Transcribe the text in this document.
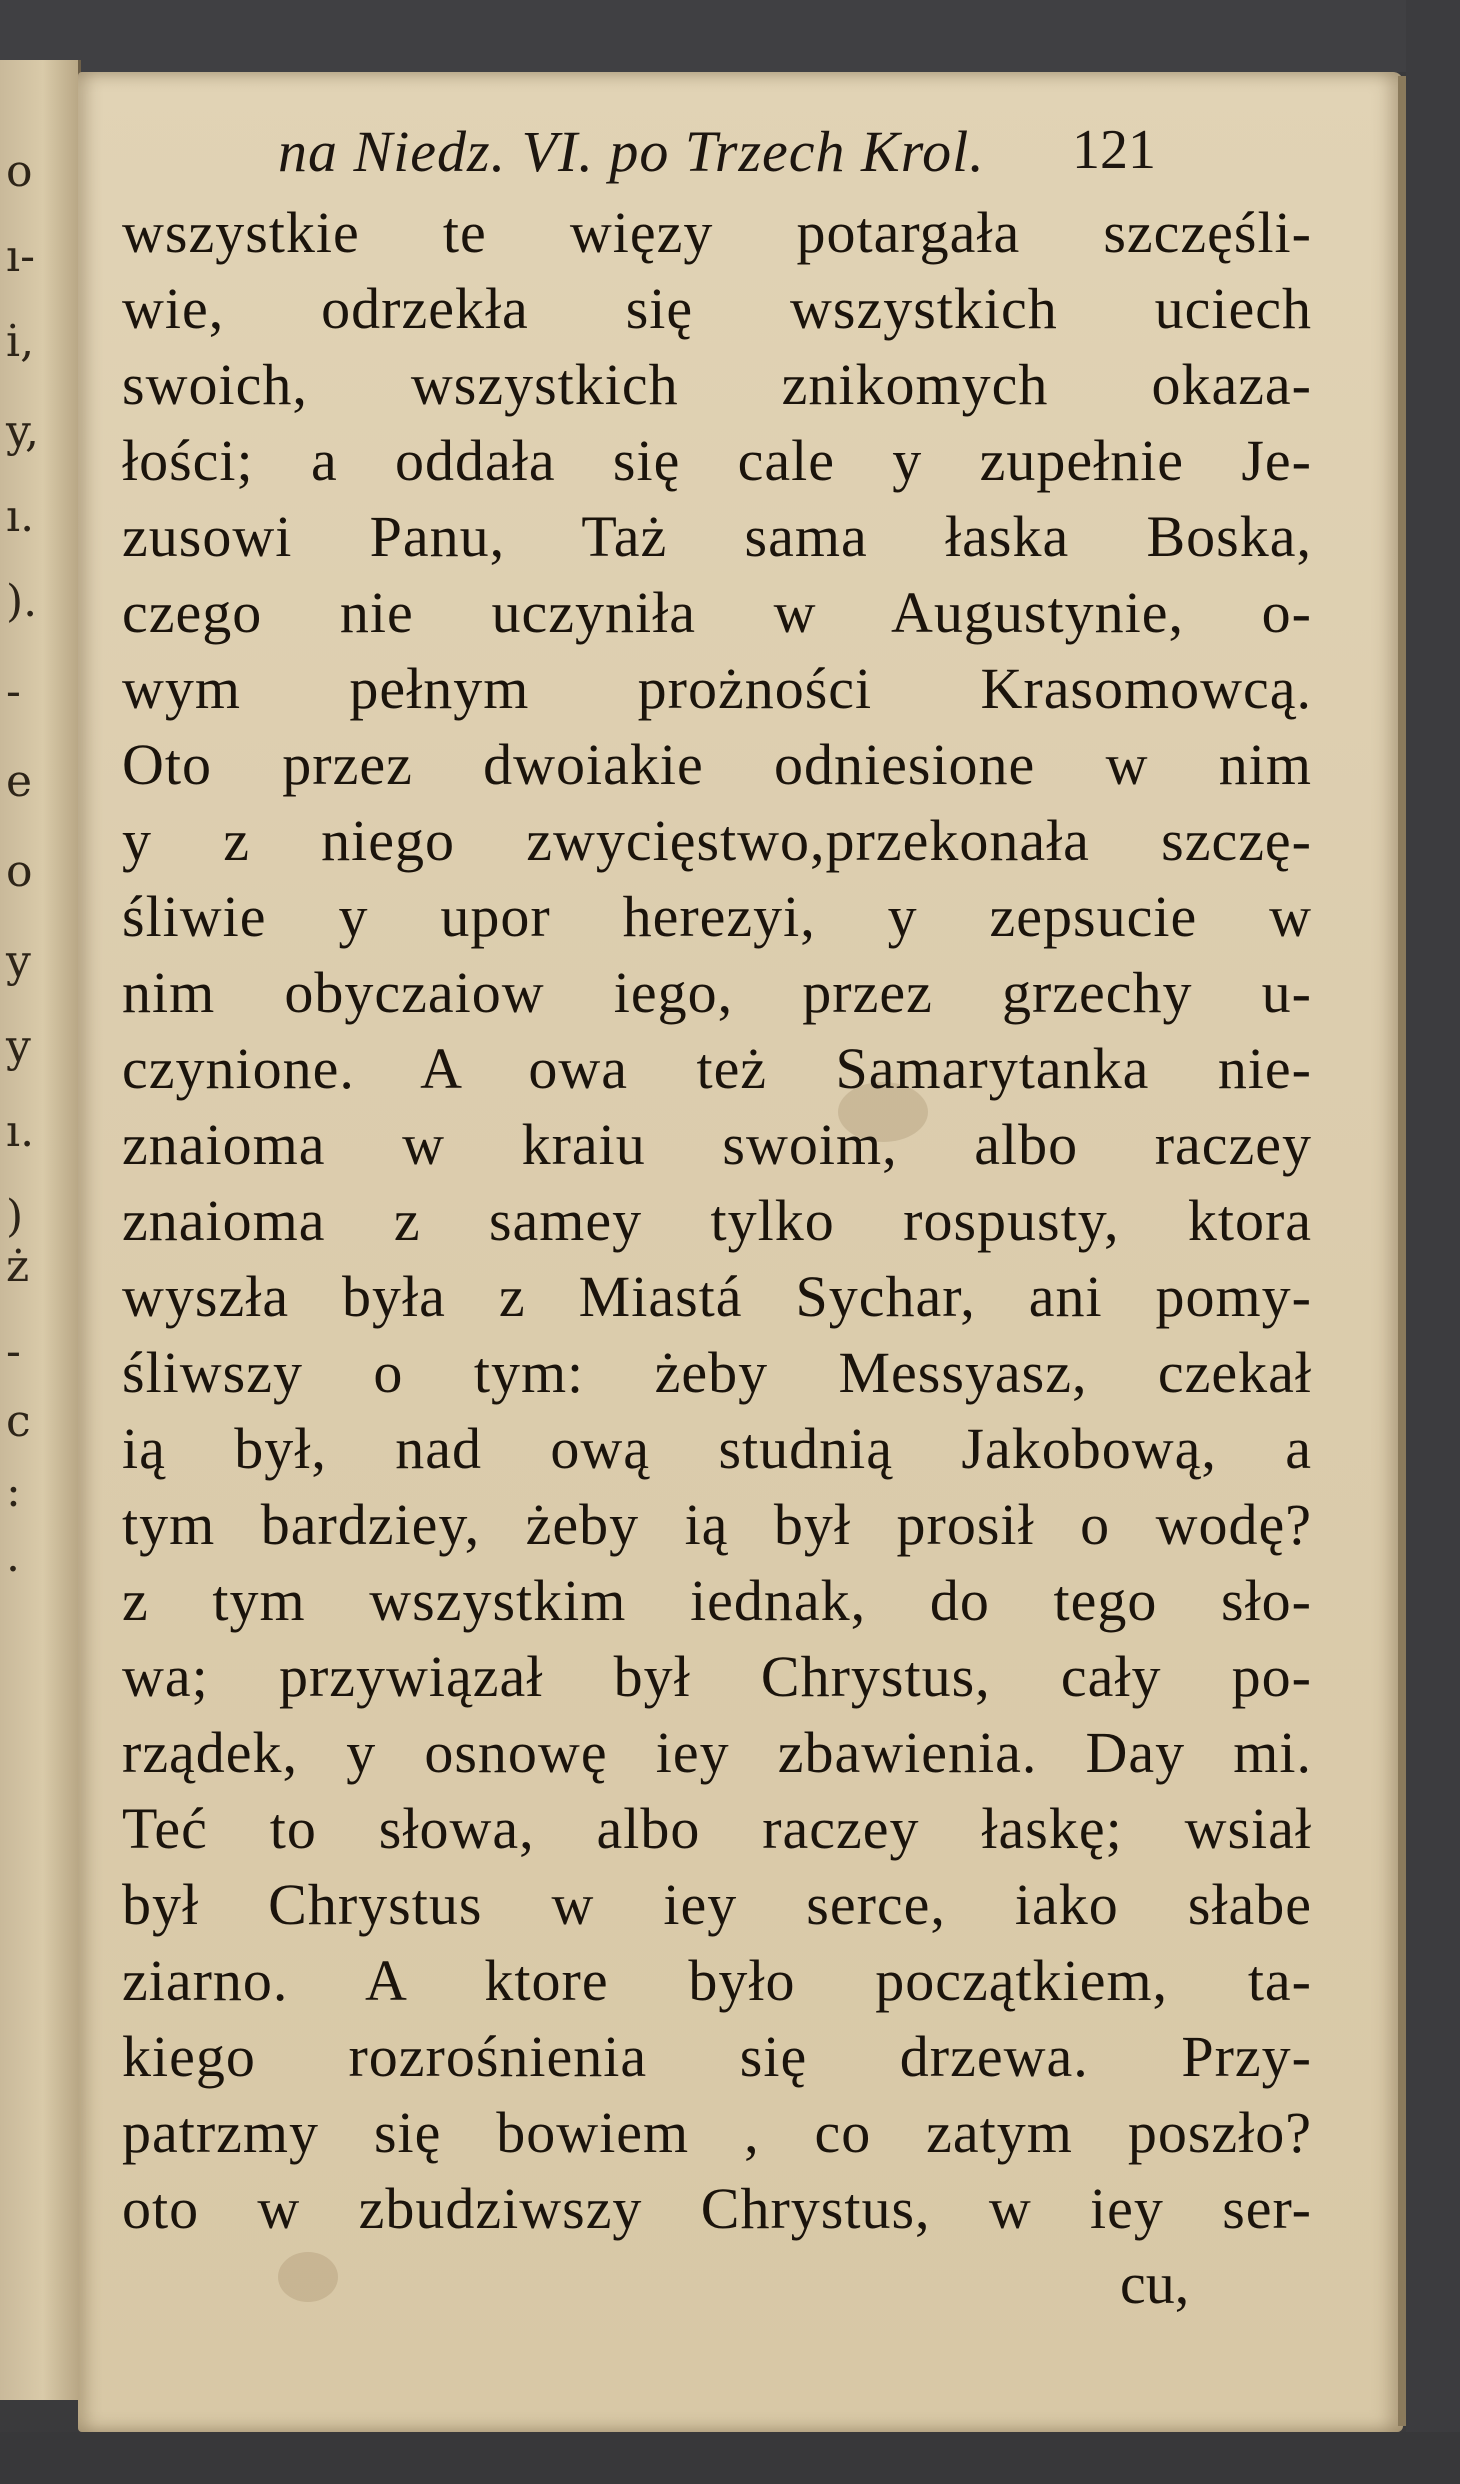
o
ı-
i,
y,
ı.
).
-
e
o
y
y
ı.
)
ż
-
c
:
.
na Niedz. VI. po Trzech Krol. 121
wszystkie te więzy potargała szczęśli-
wie, odrzekła się wszystkich uciech
swoich, wszystkich znikomych okaza-
łości; a oddała się cale y zupełnie Je-
zusowi Panu, Taż sama łaska Boska,
czego nie uczyniła w Augustynie, o-
wym pełnym prożności Krasomowcą.
Oto przez dwoiakie odniesione w nim
y z niego zwycięstwo,przekonała szczę-
śliwie y upor herezyi, y zepsucie w
nim obyczaiow iego, przez grzechy u-
czynione. A owa też Samarytanka nie-
znaioma w kraiu swoim, albo raczey
znaioma z samey tylko rospusty, ktora
wyszła była z Miastá Sychar, ani pomy-
śliwszy o tym: żeby Messyasz, czekał
ią był, nad ową studnią Jakobową, a
tym bardziey, żeby ią był prosił o wodę?
z tym wszystkim iednak, do tego sło-
wa; przywiązał był Chrystus, cały po-
rządek, y osnowę iey zbawienia. Day mi.
Teć to słowa, albo raczey łaskę; wsiał
był Chrystus w iey serce, iako słabe
ziarno. A ktore było początkiem, ta-
kiego rozrośnienia się drzewa. Przy-
patrzmy się bowiem , co zatym poszło?
oto w zbudziwszy Chrystus, w iey ser-
cu,
